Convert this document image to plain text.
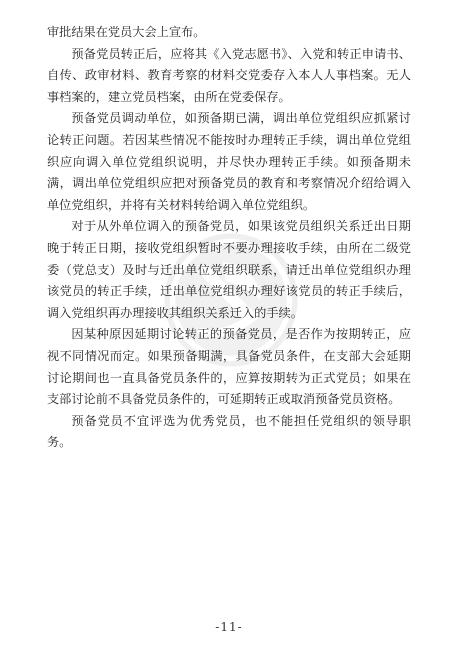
审批结果在党员大会上宣布。

预备党员转正后，应将其《入党志愿书》、入党和转正申请书、自传、政审材料、教育考察的材料交党委存入本人人事档案。无人事档案的，建立党员档案，由所在党委保存。

预备党员调动单位，如预备期已满，调出单位党组织应抓紧讨论转正问题。若因某些情况不能按时办理转正手续，调出单位党组织应向调入单位党组织说明，并尽快办理转正手续。如预备期未满，调出单位党组织应把对预备党员的教育和考察情况介绍给调入单位党组织，并将有关材料转给调入单位党组织。

对于从外单位调入的预备党员，如果该党员组织关系迁出日期晚于转正日期，接收党组织暂时不要办理接收手续，由所在二级党委（党总支）及时与迁出单位党组织联系，请迁出单位党组织办理该党员的转正手续，迁出单位党组织办理好该党员的转正手续后，调入党组织再办理接收其组织关系迁入的手续。

因某种原因延期讨论转正的预备党员，是否作为按期转正，应视不同情况而定。如果预备期满，具备党员条件，在支部大会延期讨论期间也一直具备党员条件的，应算按期转为正式党员；如果在支部讨论前不具备党员条件的，可延期转正或取消预备党员资格。

预备党员不宜评选为优秀党员，也不能担任党组织的领导职务。

-11-
